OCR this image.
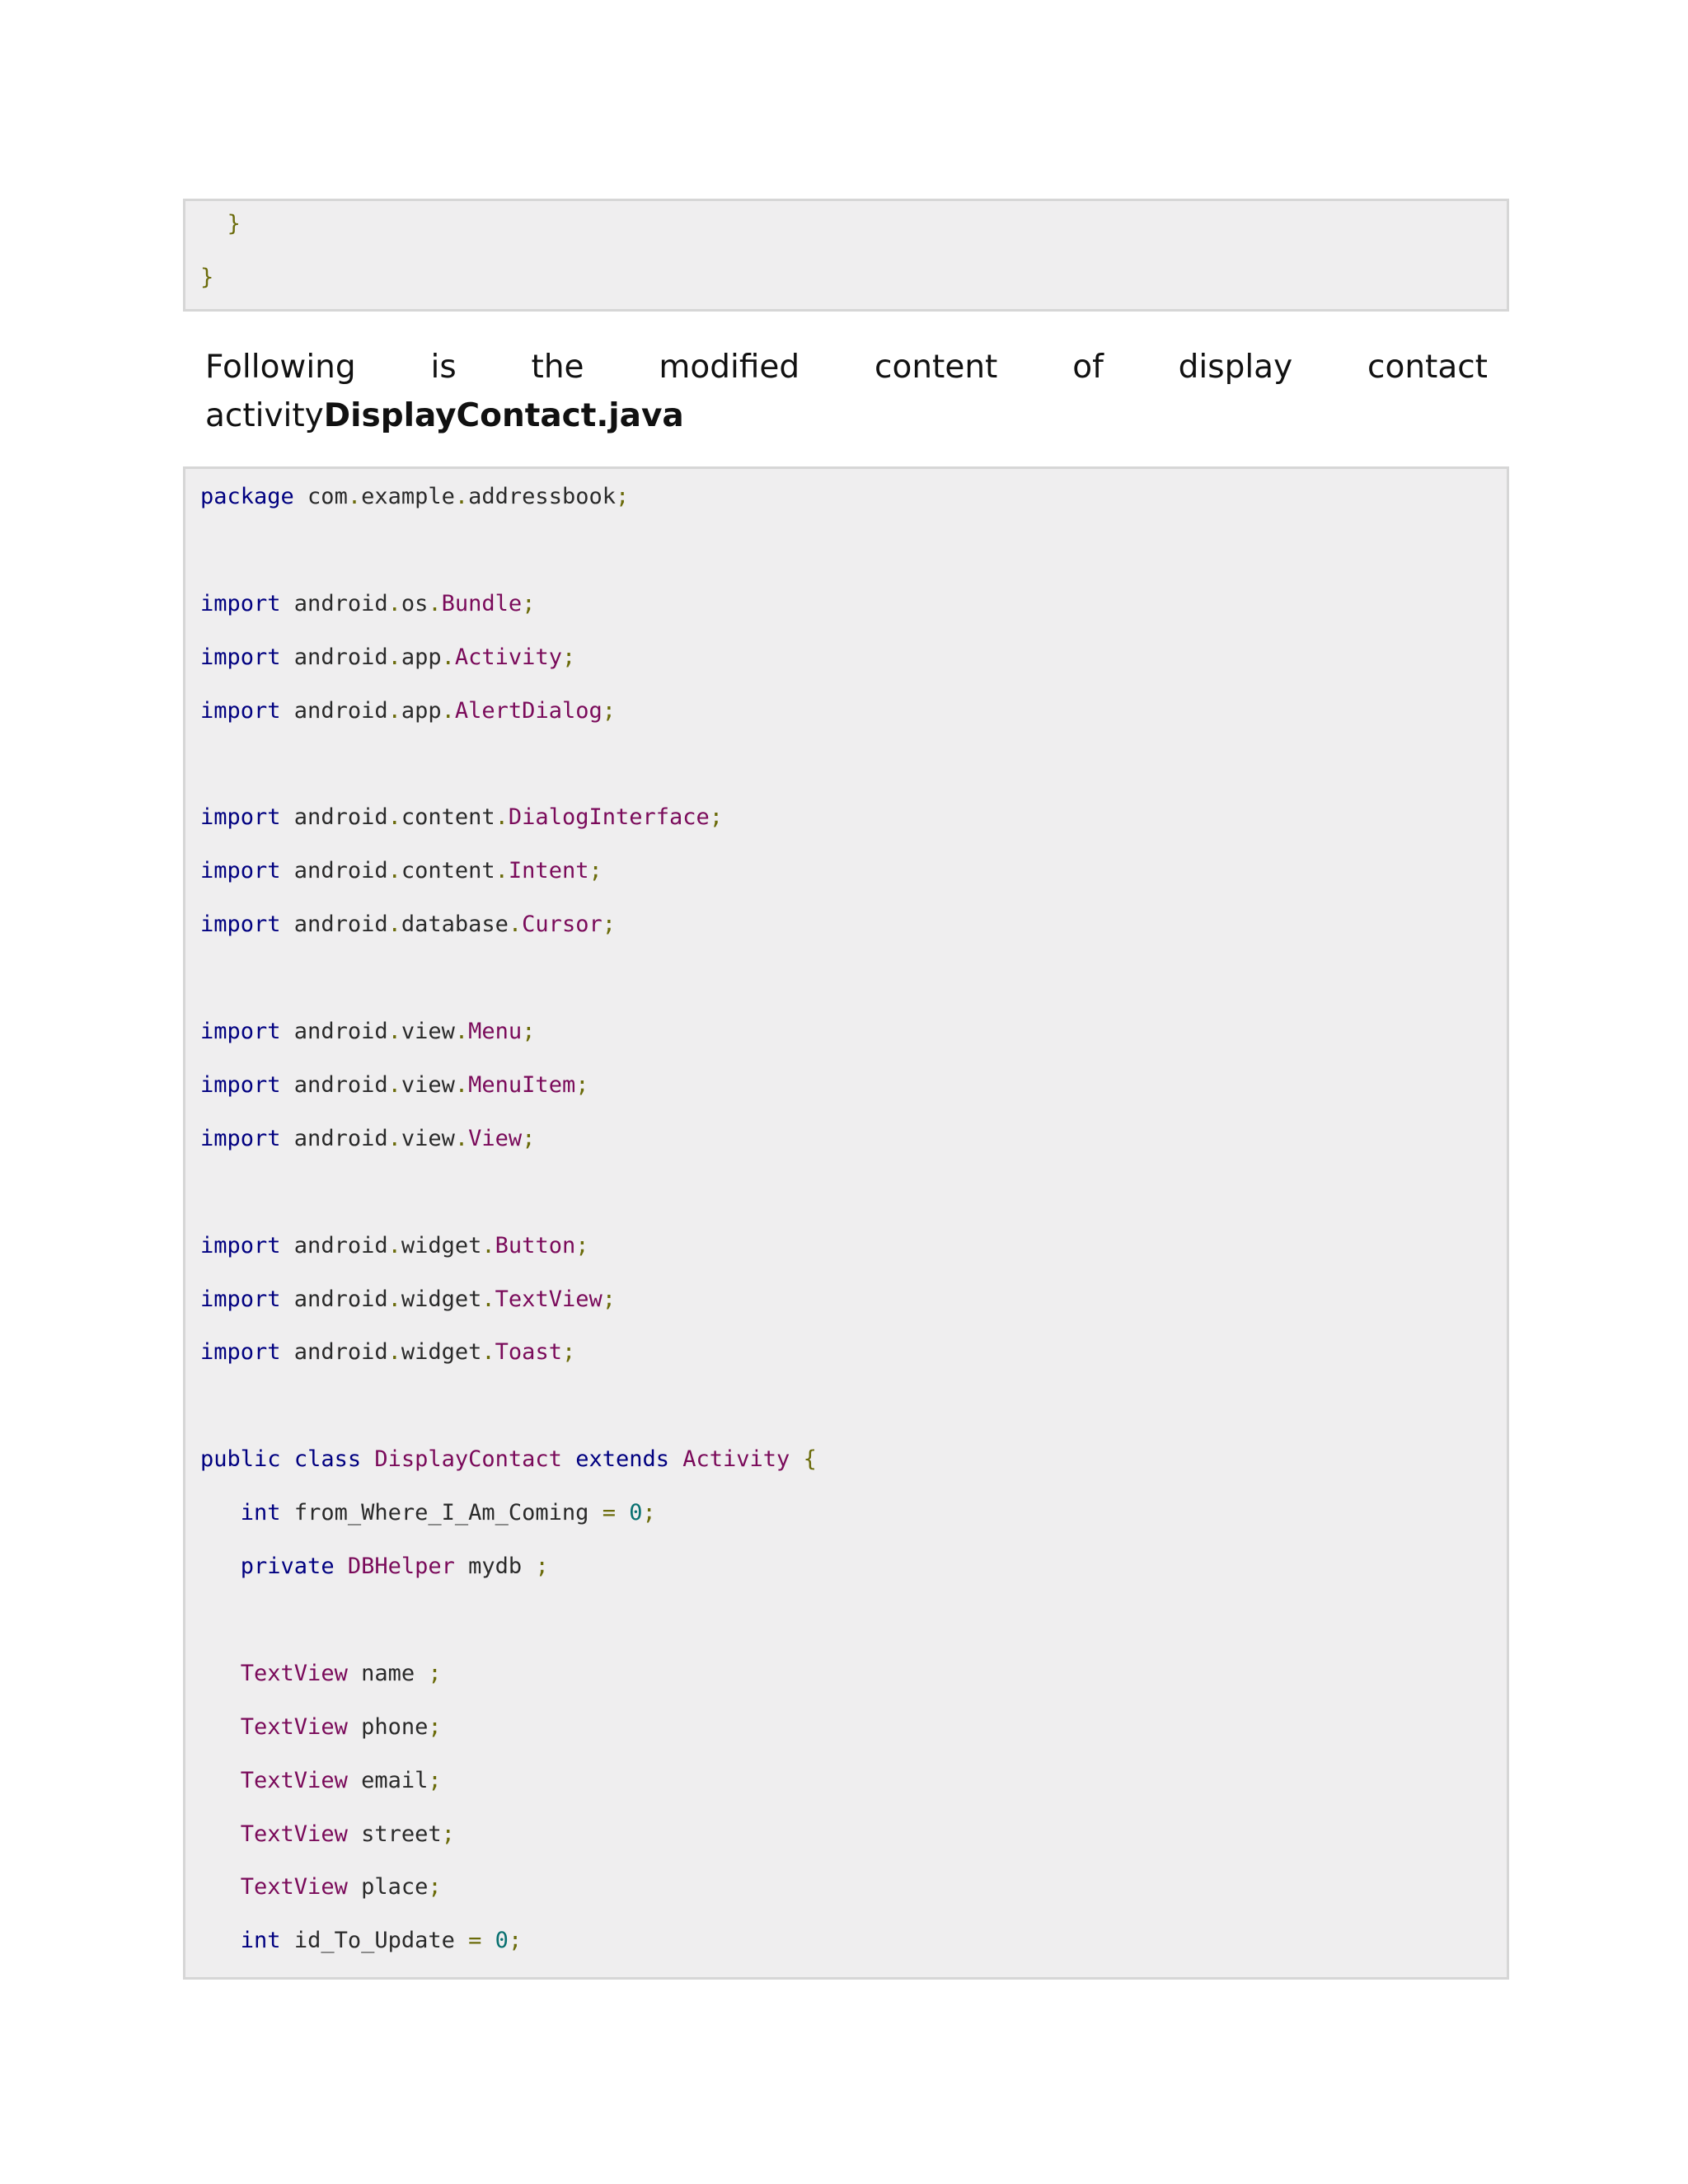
}
}
Following is the modified content of display contact
activityDisplayContact.java
package com.example.addressbook;
import android.os.Bundle;
import android.app.Activity;
import android.app.AlertDialog;
import android.content.DialogInterface;
import android.content.Intent;
import android.database.Cursor;
import android.view.Menu;
import android.view.MenuItem;
import android.view.View;
import android.widget.Button;
import android.widget.TextView;
import android.widget.Toast;
public class DisplayContact extends Activity {
int from_Where_I_Am_Coming = 0;
private DBHelper mydb ;
TextView name ;
TextView phone;
TextView email;
TextView street;
TextView place;
int id_To_Update = 0;
